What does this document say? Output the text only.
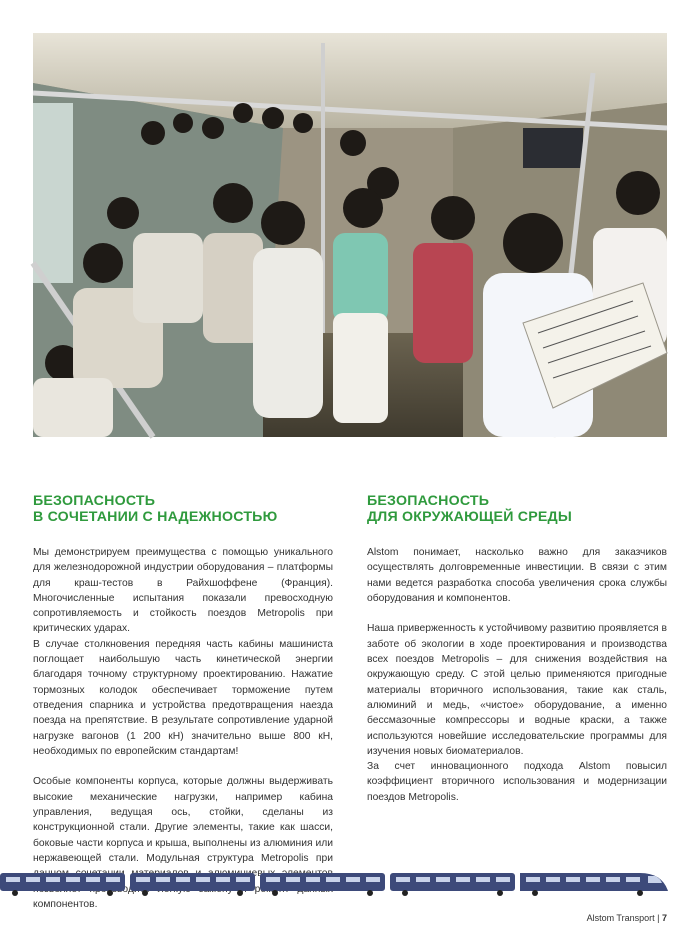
Metropolis в Шанхае (Китай)
БЕЗОПАСНОСТЬ
В СОЧЕТАНИИ С НАДЕЖНОСТЬЮ

Мы демонстрируем преимущества с помощью уникального для железнодорожной индустрии оборудования – платформы для краш-тестов в Райхшоффене (Франция). Многочисленные испытания показали превосходную сопротивляемость и стойкость поездов Metropolis при критических ударах.

В случае столкновения передняя часть кабины машиниста поглощает наибольшую часть кинетической энергии благодаря точному структурному проектированию. Нажатие тормозных колодок обеспечивает торможение путем отведения спарника и устройства предотвращения наезда поезда на препятствие. В результате сопротивление ударной нагрузке вагонов (1 200 кН) значительно выше 800 кН, необходимых по европейским стандартам!

Особые компоненты корпуса, которые должны выдерживать высокие механические нагрузки, например кабина управления, ведущая ось, стойки, сделаны из конструкционной стали. Другие элементы, такие как шасси, боковые части корпуса и крыша, выполнены из алюминия или нержавеющей стали. Модульная структура Metropolis при компонентов.

БЕЗОПАСНОСТЬ
ДЛЯ ОКРУЖАЮЩЕЙ СРЕДЫ

Alstom понимает, насколько важно для заказчиков осуществлять долговременные инвестиции. В связи с этим нами ведется разработка способа увеличения срока службы оборудования и компонентов.

Наша приверженность к устойчивому развитию проявляется в заботе об экологии в ходе проектирования и производства всех поездов Metropolis – для снижения воздействия на окружающую среду. С этой целью применяются пригодные материалы вторичного использования, такие как сталь, алюминий и медь, «чистое» оборудование, а именно бессмазочные компрессоры и водные краски, а также используются новейшие исследовательские программы для изучения новых биоматериалов.

За счет инновационного подхода Alstom повысил коэффициент вторичного использования и модернизации поездов Metropolis.

Alstom Transport | 7
